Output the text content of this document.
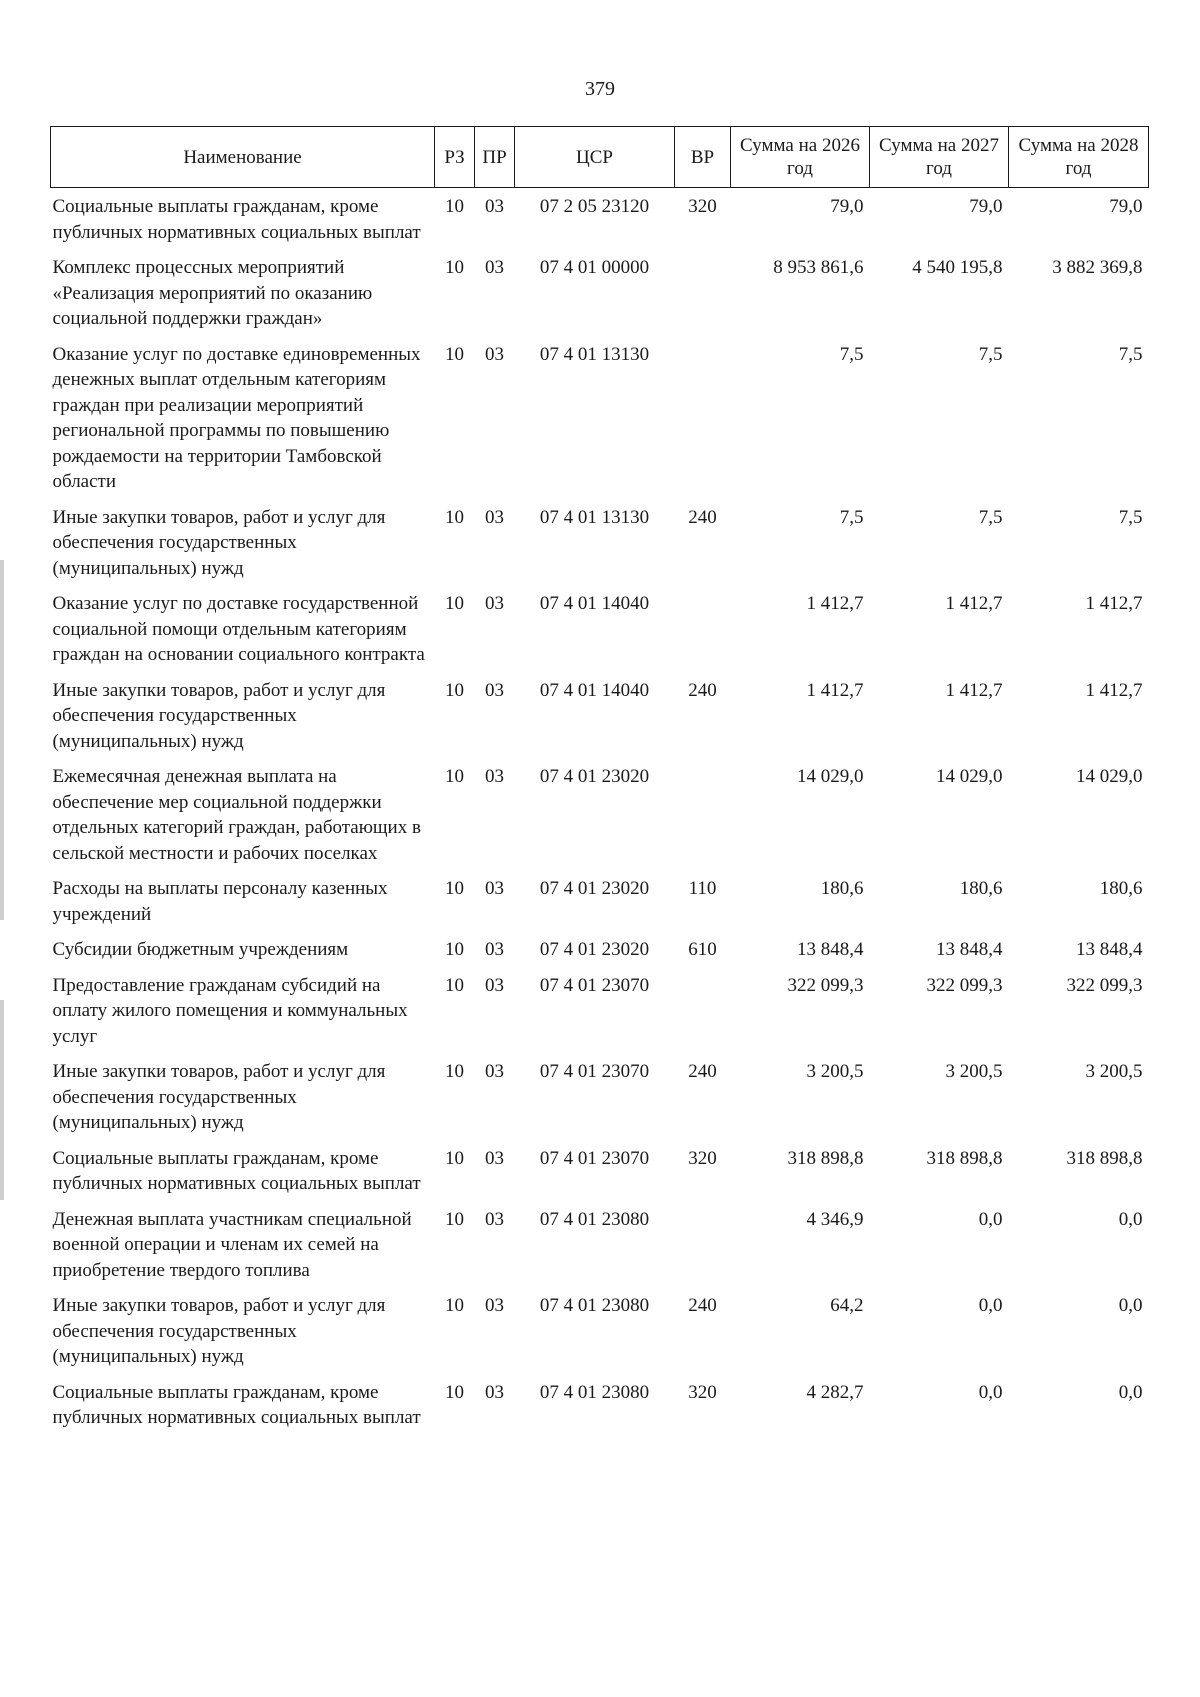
379
Наименование	РЗ	ПР	ЦСР	ВР	Сумма на 2026 год	Сумма на 2027 год	Сумма на 2028 год
Социальные выплаты гражданам, кроме публичных нормативных социальных выплат	10	03	07 2 05 23120	320	79,0	79,0	79,0
Комплекс процессных мероприятий «Реализация мероприятий по оказанию социальной поддержки граждан»	10	03	07 4 01 00000		8 953 861,6	4 540 195,8	3 882 369,8
Оказание услуг по доставке единовременных денежных выплат отдельным категориям граждан при реализации мероприятий региональной программы по повышению рождаемости на территории Тамбовской области	10	03	07 4 01 13130		7,5	7,5	7,5
Иные закупки товаров, работ и услуг для обеспечения государственных (муниципальных) нужд	10	03	07 4 01 13130	240	7,5	7,5	7,5
Оказание услуг по доставке государственной социальной помощи отдельным категориям граждан на основании социального контракта	10	03	07 4 01 14040		1 412,7	1 412,7	1 412,7
Иные закупки товаров, работ и услуг для обеспечения государственных (муниципальных) нужд	10	03	07 4 01 14040	240	1 412,7	1 412,7	1 412,7
Ежемесячная денежная выплата на обеспечение мер социальной поддержки отдельных категорий граждан, работающих в сельской местности и рабочих поселках	10	03	07 4 01 23020		14 029,0	14 029,0	14 029,0
Расходы на выплаты персоналу казенных учреждений	10	03	07 4 01 23020	110	180,6	180,6	180,6
Субсидии бюджетным учреждениям	10	03	07 4 01 23020	610	13 848,4	13 848,4	13 848,4
Предоставление гражданам субсидий на оплату жилого помещения и коммунальных услуг	10	03	07 4 01 23070		322 099,3	322 099,3	322 099,3
Иные закупки товаров, работ и услуг для обеспечения государственных (муниципальных) нужд	10	03	07 4 01 23070	240	3 200,5	3 200,5	3 200,5
Социальные выплаты гражданам, кроме публичных нормативных социальных выплат	10	03	07 4 01 23070	320	318 898,8	318 898,8	318 898,8
Денежная выплата участникам специальной военной операции и членам их семей на приобретение твердого топлива	10	03	07 4 01 23080		4 346,9	0,0	0,0
Иные закупки товаров, работ и услуг для обеспечения государственных (муниципальных) нужд	10	03	07 4 01 23080	240	64,2	0,0	0,0
Социальные выплаты гражданам, кроме публичных нормативных социальных выплат	10	03	07 4 01 23080	320	4 282,7	0,0	0,0
